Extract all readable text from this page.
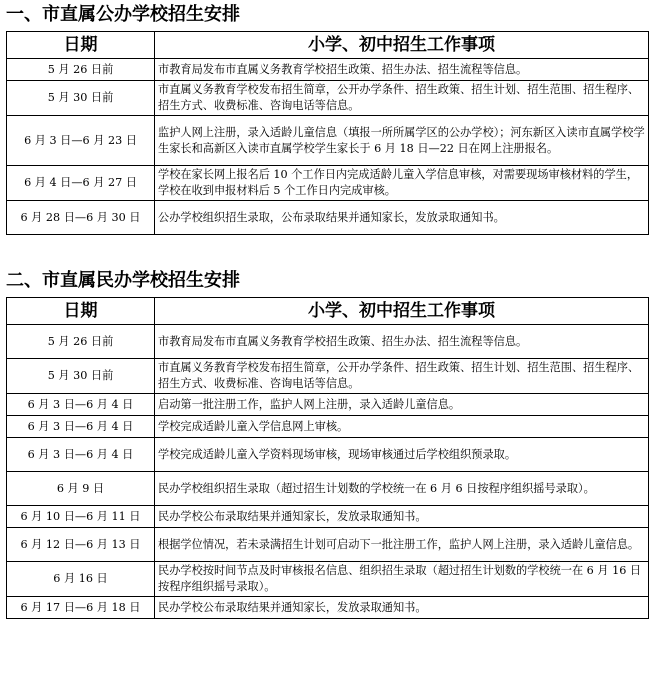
一、市直属公办学校招生安排
日期	小学、初中招生工作事项
5 月 26 日前	市教育局发布市直属义务教育学校招生政策、招生办法、招生流程等信息。
5 月 30 日前	市直属义务教育学校发布招生简章，公开办学条件、招生政策、招生计划、招生范围、招生程序、招生方式、收费标准、咨询电话等信息。
6 月 3 日—6 月 23 日	监护人网上注册，录入适龄儿童信息（填报一所所属学区的公办学校）；河东新区入读市直属学校学生家长和高新区入读市直属学校学生家长于 6 月 18 日—22 日在网上注册报名。
6 月 4 日—6 月 27 日	学校在家长网上报名后 10 个工作日内完成适龄儿童入学信息审核，对需要现场审核材料的学生，学校在收到申报材料后 5 个工作日内完成审核。
6 月 28 日—6 月 30 日	公办学校组织招生录取，公布录取结果并通知家长，发放录取通知书。
二、市直属民办学校招生安排
日期	小学、初中招生工作事项
5 月 26 日前	市教育局发布市直属义务教育学校招生政策、招生办法、招生流程等信息。
5 月 30 日前	市直属义务教育学校发布招生简章，公开办学条件、招生政策、招生计划、招生范围、招生程序、招生方式、收费标准、咨询电话等信息。
6 月 3 日—6 月 4 日	启动第一批注册工作，监护人网上注册，录入适龄儿童信息。
6 月 3 日—6 月 4 日	学校完成适龄儿童入学信息网上审核。
6 月 3 日—6 月 4 日	学校完成适龄儿童入学资料现场审核，现场审核通过后学校组织预录取。
6 月 9 日	民办学校组织招生录取（超过招生计划数的学校统一在 6 月 6 日按程序组织摇号录取）。
6 月 10 日—6 月 11 日	民办学校公布录取结果并通知家长，发放录取通知书。
6 月 12 日—6 月 13 日	根据学位情况，若未录满招生计划可启动下一批注册工作，监护人网上注册，录入适龄儿童信息。
6 月 16 日	民办学校按时间节点及时审核报名信息、组织招生录取（超过招生计划数的学校统一在 6 月 16 日按程序组织摇号录取）。
6 月 17 日—6 月 18 日	民办学校公布录取结果并通知家长，发放录取通知书。
